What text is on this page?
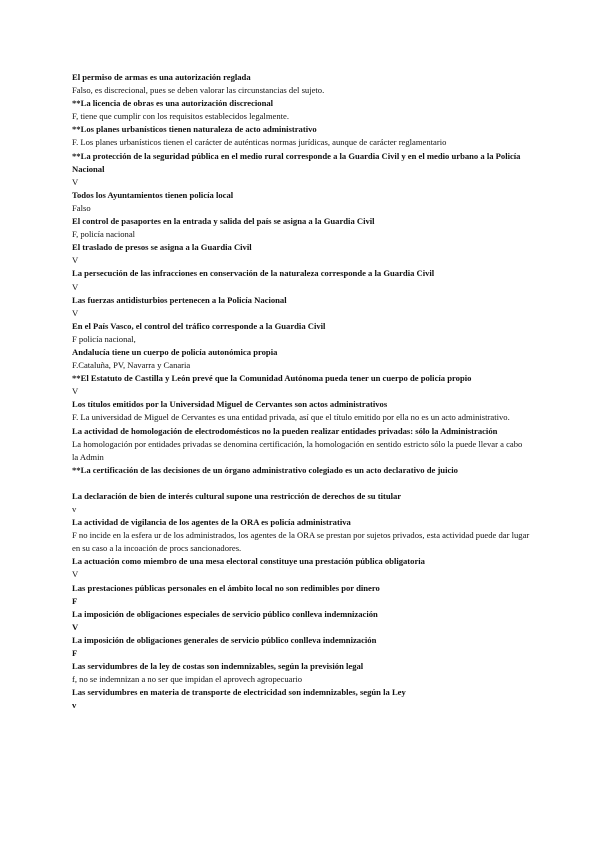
El permiso de armas es una autorización reglada
Falso, es discrecional, pues se deben valorar las circunstancias del sujeto.
**La licencia de obras es una autorización discrecional
F, tiene que cumplir con los requisitos establecidos legalmente.
**Los planes urbanísticos tienen naturaleza de acto administrativo
F. Los planes urbanísticos tienen el carácter de auténticas normas jurídicas, aunque de carácter reglamentario
**La protección de la seguridad pública en el medio rural corresponde a la Guardia Civil y en el medio urbano a la Policía Nacional
V
Todos los Ayuntamientos tienen policía local
Falso
El control de pasaportes en la entrada y salida del país se asigna a la Guardia Civil
F, policía nacional
El traslado de presos se asigna a la Guardia Civil
V
La persecución de las infracciones en conservación de la naturaleza corresponde a la Guardia Civil
V
Las fuerzas antidisturbios pertenecen a la Policía Nacional
V
En el País Vasco, el control del tráfico corresponde a la Guardia Civil
F policía nacional,
Andalucía tiene un cuerpo de policía autonómica propia
F.Cataluña, PV, Navarra y Canaria
**El Estatuto de Castilla y León prevé que la Comunidad Autónoma pueda tener un cuerpo de policía propio
V
Los títulos emitidos por la Universidad Miguel de Cervantes son actos administrativos
F. La universidad de Miguel de Cervantes es una entidad privada, así que el título emitido por ella no es un acto administrativo.
La actividad de homologación de electrodomésticos no la pueden realizar entidades privadas: sólo la Administración
La homologación por entidades privadas se denomina certificación, la homologación en sentido estricto sólo la puede llevar a cabo la Admin
**La certificación de las decisiones de un órgano administrativo colegiado es un acto declarativo de juicio
La declaración de bien de interés cultural supone una restricción de derechos de su titular
v
La actividad de vigilancia de los agentes de la ORA es policía administrativa
F no incide en la esfera ur de los administrados, los agentes de la ORA se prestan por sujetos privados, esta actividad puede dar lugar en su caso a la incoación de procs sancionadores.
La actuación como miembro de una mesa electoral constituye una prestación pública obligatoria
V
Las prestaciones públicas personales en el ámbito local no son redimibles por dinero
F
La imposición de obligaciones especiales de servicio público conlleva indemnización
V
La imposición de obligaciones generales de servicio público conlleva indemnización
F
Las servidumbres de la ley de costas son indemnizables, según la previsión legal
f, no se indemnizan a no ser que impidan el aprovech agropecuario
Las servidumbres en materia de transporte de electricidad son indemnizables, según la Ley
v
